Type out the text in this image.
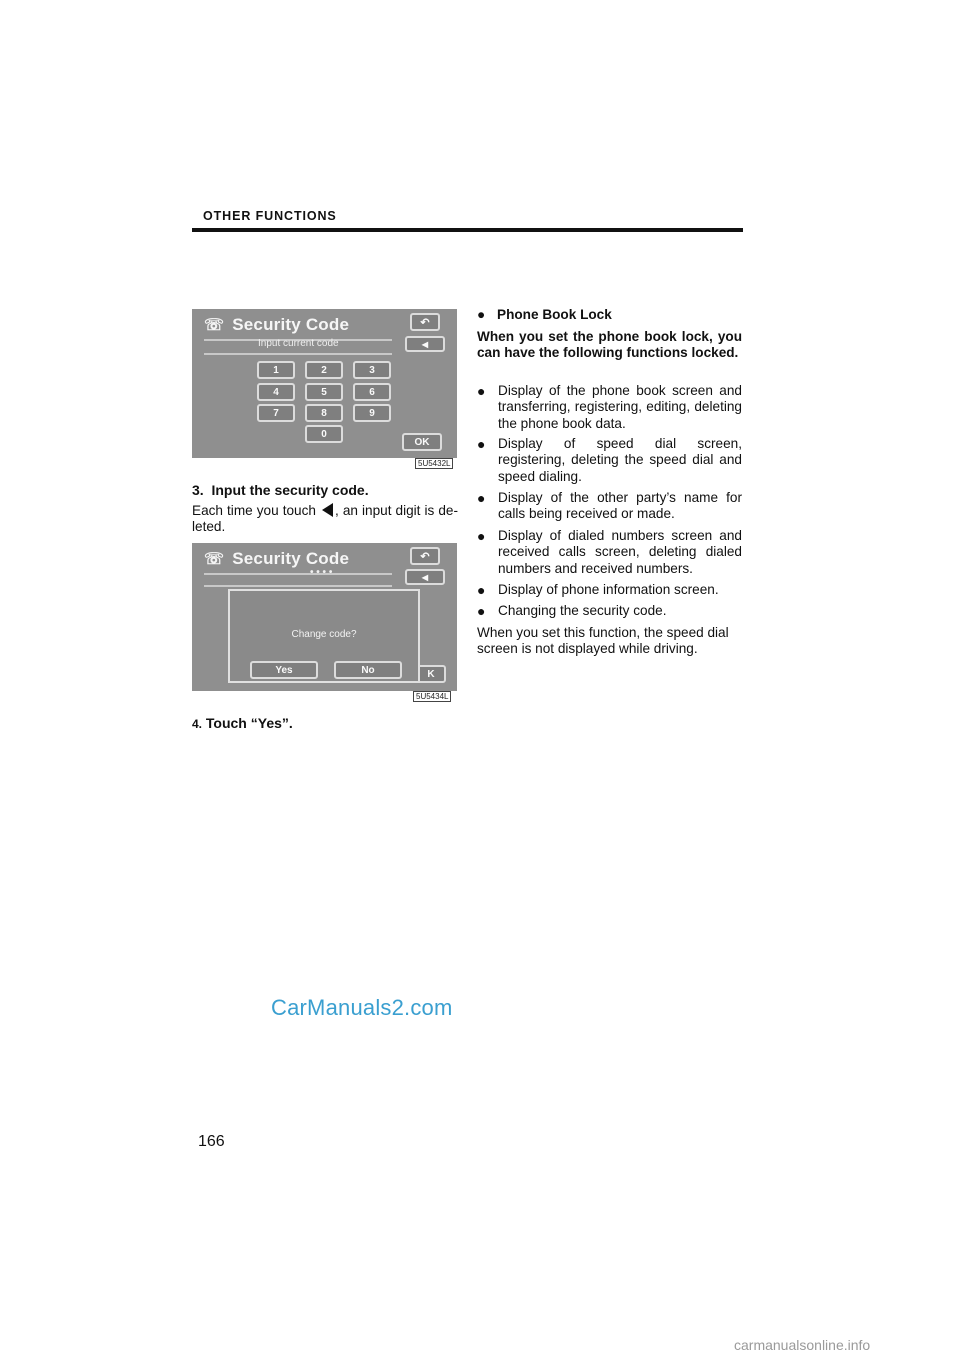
OTHER FUNCTIONS
☏ Security Code
Input current code
↶
◀
1	2	3
4	5	6
7	8	9
0
OK
5U5432L
3. Input the security code.
Each time you touch , an input digit is de- leted.
☏ Security Code
• • • •
↶
◀
K
Change code?
Yes	No
5U5434L
4. Touch “Yes”.
● Phone Book Lock
When you set the phone book lock, you can have the following functions locked.
● Display of the phone book screen and transferring, registering, editing, deleting the phone book data.
● Display of speed dial screen, registering, deleting the speed dial and speed dialing.
● Display of the other party’s name for calls being received or made.
● Display of dialed numbers screen and received calls screen, deleting dialed numbers and received numbers.
● Display of phone information screen.
● Changing the security code.
When you set this function, the speed dial screen is not displayed while driving.
CarManuals2.com
166
carmanualsonline.info
